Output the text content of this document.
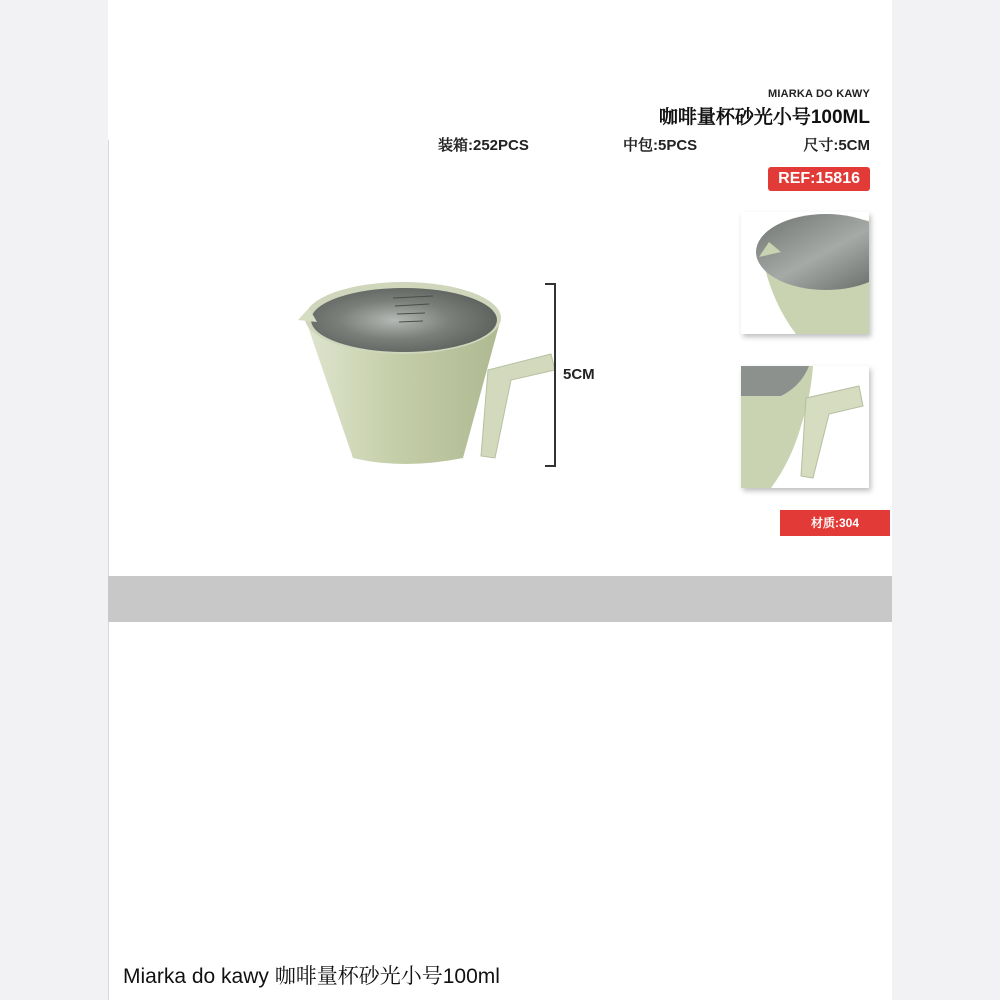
MIARKA DO KAWY
咖啡量杯砂光小号100ML
装箱:252PCS	中包:5PCS	尺寸:5CM
REF:15816
材质:304
5CM
Miarka do kawy 咖啡量杯砂光小号100ml
